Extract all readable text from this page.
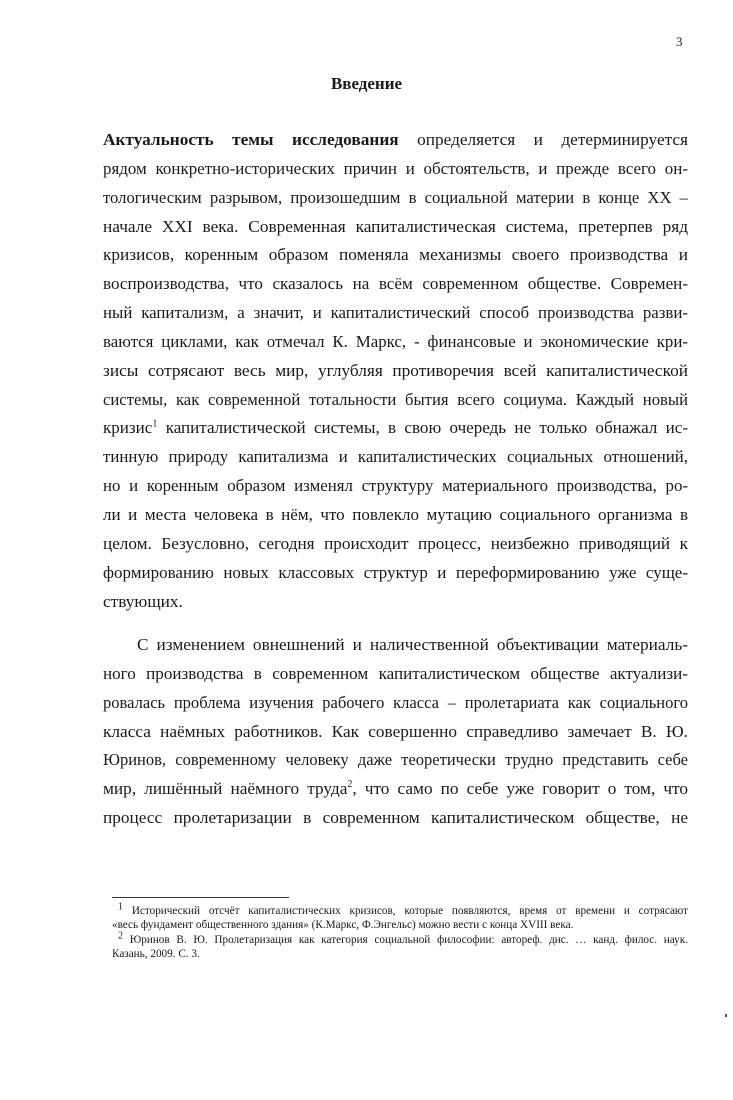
3
Введение
Актуальность темы исследования определяется и детерминируется
рядом конкретно-исторических причин и обстоятельств, и прежде всего он-
тологическим разрывом, произошедшим в социальной материи в конце XX –
начале XXI века. Современная капиталистическая система, претерпев ряд
кризисов, коренным образом поменяла механизмы своего производства и
воспроизводства, что сказалось на всём современном обществе. Современ-
ный капитализм, а значит, и капиталистический способ производства разви-
ваются циклами, как отмечал К. Маркс, - финансовые и экономические кри-
зисы сотрясают весь мир, углубляя противоречия всей капиталистической
системы, как современной тотальности бытия всего социума. Каждый новый
кризис$^1$ капиталистической системы, в свою очередь не только обнажал ис-
тинную природу капитализма и капиталистических социальных отношений,
но и коренным образом изменял структуру материального производства, ро-
ли и места человека в нём, что повлекло мутацию социального организма в
целом. Безусловно, сегодня происходит процесс, неизбежно приводящий к
формированию новых классовых структур и переформированию уже суще-
ствующих.
С изменением овнешнений и наличественной объективации материаль-
ного производства в современном капиталистическом обществе актуализи-
ровалась проблема изучения рабочего класса – пролетариата как социального
класса наёмных работников. Как совершенно справедливо замечает В. Ю.
Юринов, современному человеку даже теоретически трудно представить себе
мир, лишённый наёмного труда$^2$, что само по себе уже говорит о том, что
процесс пролетаризации в современном капиталистическом обществе, не
$^1$ Исторический отсчёт капиталистических кризисов, которые появляются, время от времени и сотрясают
«весь фундамент общественного здания» (К.Маркс, Ф.Энгельс) можно вести с конца XVIII века.
$^2$ Юринов В. Ю. Пролетаризация как категория социальной философии: автореф. дис. … канд. филос. наук.
Казань, 2009. С. 3.
